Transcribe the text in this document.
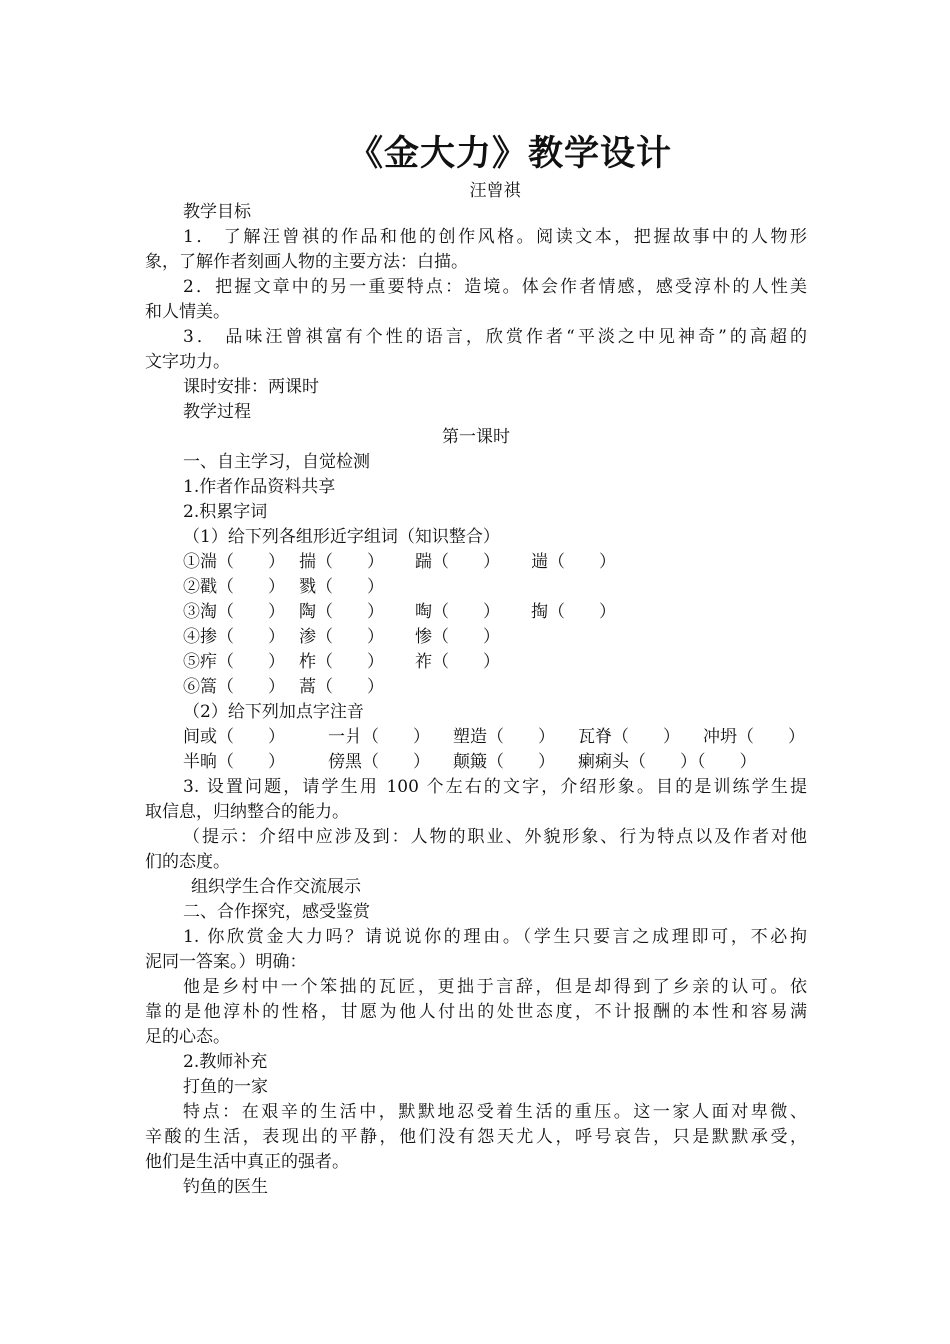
《金大力》教学设计
汪曾祺
教学目标
1． 了解汪曾祺的作品和他的创作风格。阅读文本，把握故事中的人物形
象，了解作者刻画人物的主要方法：白描。
2．把握文章中的另一重要特点：造境。体会作者情感，感受淳朴的人性美
和人情美。
3． 品味汪曾祺富有个性的语言，欣赏作者“平淡之中见神奇”的高超的
文字功力。
课时安排：两课时
教学过程
第一课时
一、自主学习，自觉检测
1.作者作品资料共享
2.积累字词
（1）给下列各组形近字组词（知识整合）
①湍（　　） 揣（　　）	踹（　　）	遄（　　）
②戳（　　） 戮（　　）
③淘（　　） 陶（　　）	啕（　　）	掏（　　）
④掺（　　） 渗（　　）	惨（　　）
⑤痄（　　） 柞（　　）	祚（　　）
⑥篙（　　） 蒿（　　）
（2）给下列加点字注音
间或（　　）	一爿（　　）	塑造（　　）	瓦脊（　　）	冲坍（　　）
半晌（　　）	傍黑（　　）	颠簸（　　）	瘌痢头（　　）（　　）
3. 设置问题，请学生用 100 个左右的文字，介绍形象。目的是训练学生提
取信息，归纳整合的能力。
（提示：介绍中应涉及到：人物的职业、外貌形象、行为特点以及作者对他
们的态度。
组织学生合作交流展示
二、合作探究，感受鉴赏
1. 你欣赏金大力吗？请说说你的理由。（学生只要言之成理即可，不必拘
泥同一答案。）明确：
他是乡村中一个笨拙的瓦匠，更拙于言辞，但是却得到了乡亲的认可。依
靠的是他淳朴的性格，甘愿为他人付出的处世态度，不计报酬的本性和容易满
足的心态。
2.教师补充
打鱼的一家
特点：在艰辛的生活中，默默地忍受着生活的重压。这一家人面对卑微、
辛酸的生活，表现出的平静，他们没有怨天尤人，呼号哀告，只是默默承受，
他们是生活中真正的强者。
钓鱼的医生
